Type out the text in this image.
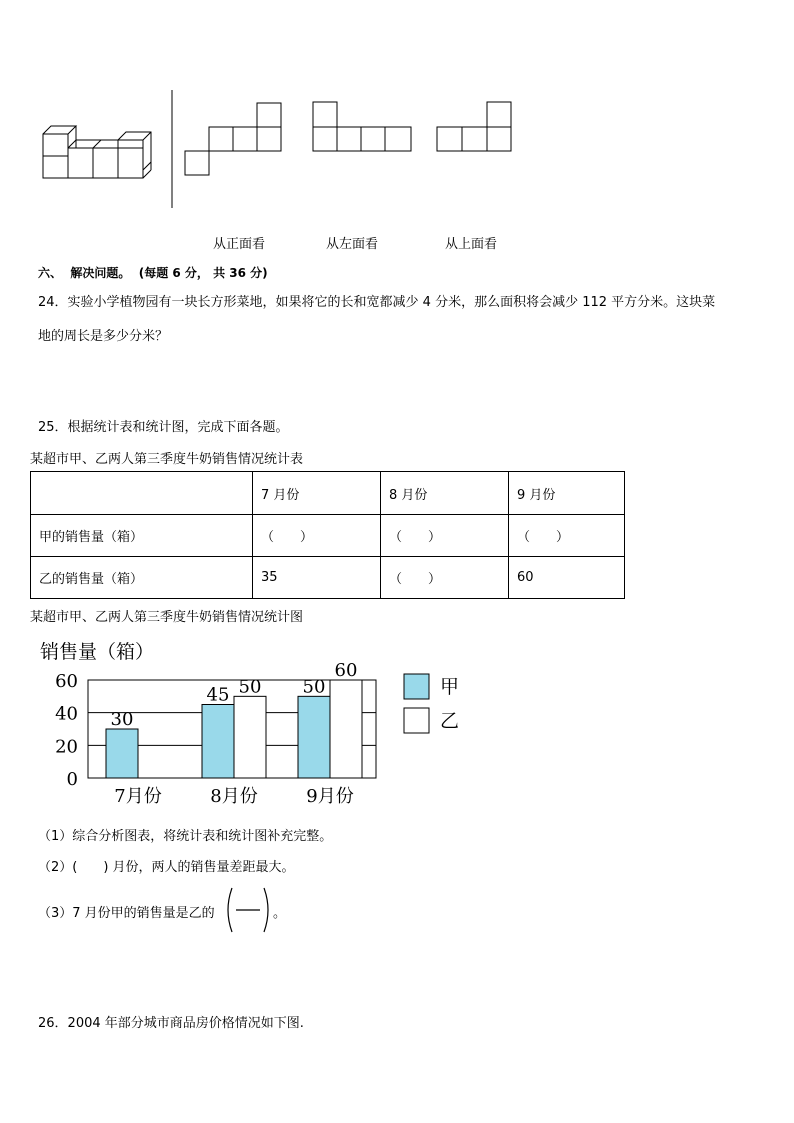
从正面看	从左面看	从上面看
六、  解决问题。  (每题 6 分， 共 36 分)
24．实验小学植物园有一块长方形菜地，如果将它的长和宽都减少 4 分米，那么面积将会减少 112 平方分米。这块菜
地的周长是多少分米？
25．根据统计表和统计图，完成下面各题。
某超市甲、乙两人第三季度牛奶销售情况统计表
	7 月份	8 月份	9 月份
甲的销售量（箱）	（　　）	（　　）	（　　）
乙的销售量（箱）	35	（　　）	60
某超市甲、乙两人第三季度牛奶销售情况统计图
销售量（箱）
0
20
40
60
30
7月份
45 50
8月份
50
60
9月份
甲
乙
（1）综合分析图表，将统计表和统计图补充完整。
（2）(　　) 月份，两人的销售量差距最大。
（3）7 月份甲的销售量是乙的	。
26．2004 年部分城市商品房价格情况如下图.
